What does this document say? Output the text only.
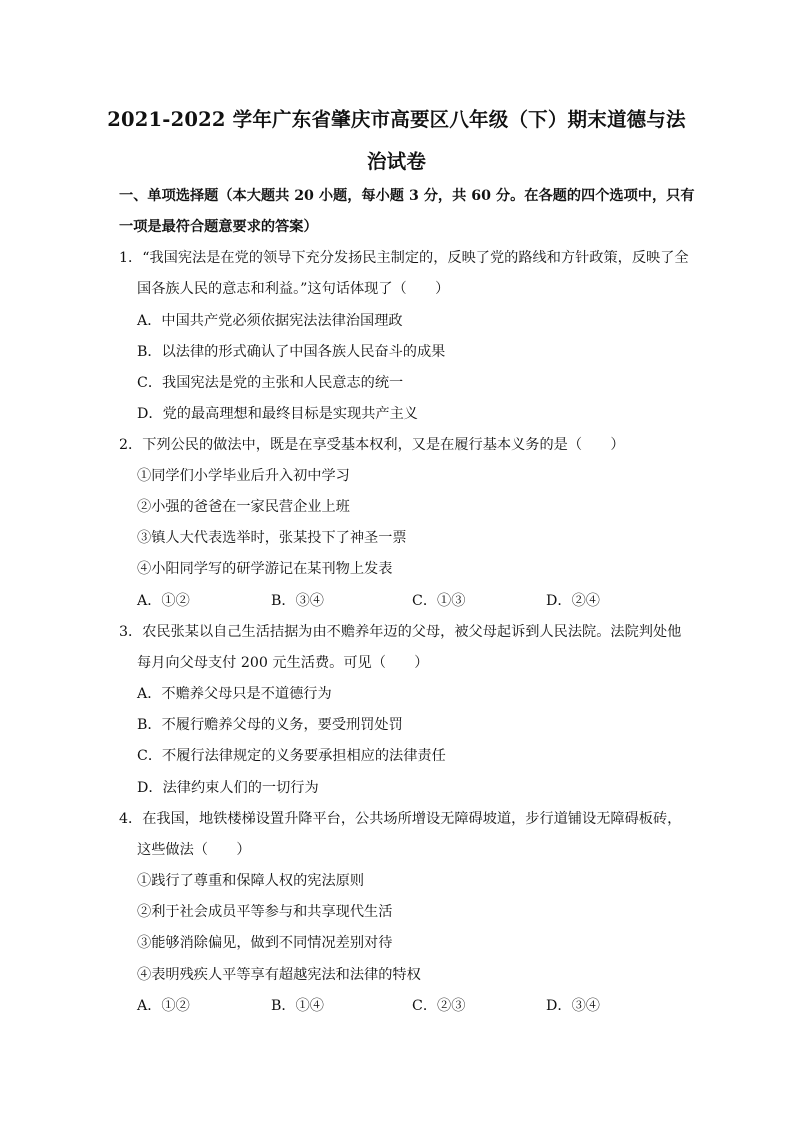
2021-2022 学年广东省肇庆市高要区八年级（下）期末道德与法
治试卷
一、单项选择题（本大题共 20 小题，每小题 3 分，共 60 分。在各题的四个选项中，只有
一项是最符合题意要求的答案）
1．“我国宪法是在党的领导下充分发扬民主制定的，反映了党的路线和方针政策，反映了全
国各族人民的意志和利益。”这句话体现了（　　）
A．中国共产党必须依据宪法法律治国理政
B．以法律的形式确认了中国各族人民奋斗的成果
C．我国宪法是党的主张和人民意志的统一
D．党的最高理想和最终目标是实现共产主义
2．下列公民的做法中，既是在享受基本权利，又是在履行基本义务的是（　　）
①同学们小学毕业后升入初中学习
②小强的爸爸在一家民营企业上班
③镇人大代表选举时，张某投下了神圣一票
④小阳同学写的研学游记在某刊物上发表
A．①②	B．③④	C．①③	D．②④
3．农民张某以自己生活拮据为由不赡养年迈的父母，被父母起诉到人民法院。法院判处他
每月向父母支付 200 元生活费。可见（　　）
A．不赡养父母只是不道德行为
B．不履行赡养父母的义务，要受刑罚处罚
C．不履行法律规定的义务要承担相应的法律责任
D．法律约束人们的一切行为
4．在我国，地铁楼梯设置升降平台，公共场所增设无障碍坡道，步行道铺设无障碍板砖，
这些做法（　　）
①践行了尊重和保障人权的宪法原则
②利于社会成员平等参与和共享现代生活
③能够消除偏见，做到不同情况差别对待
④表明残疾人平等享有超越宪法和法律的特权
A．①②	B．①④	C．②③	D．③④
